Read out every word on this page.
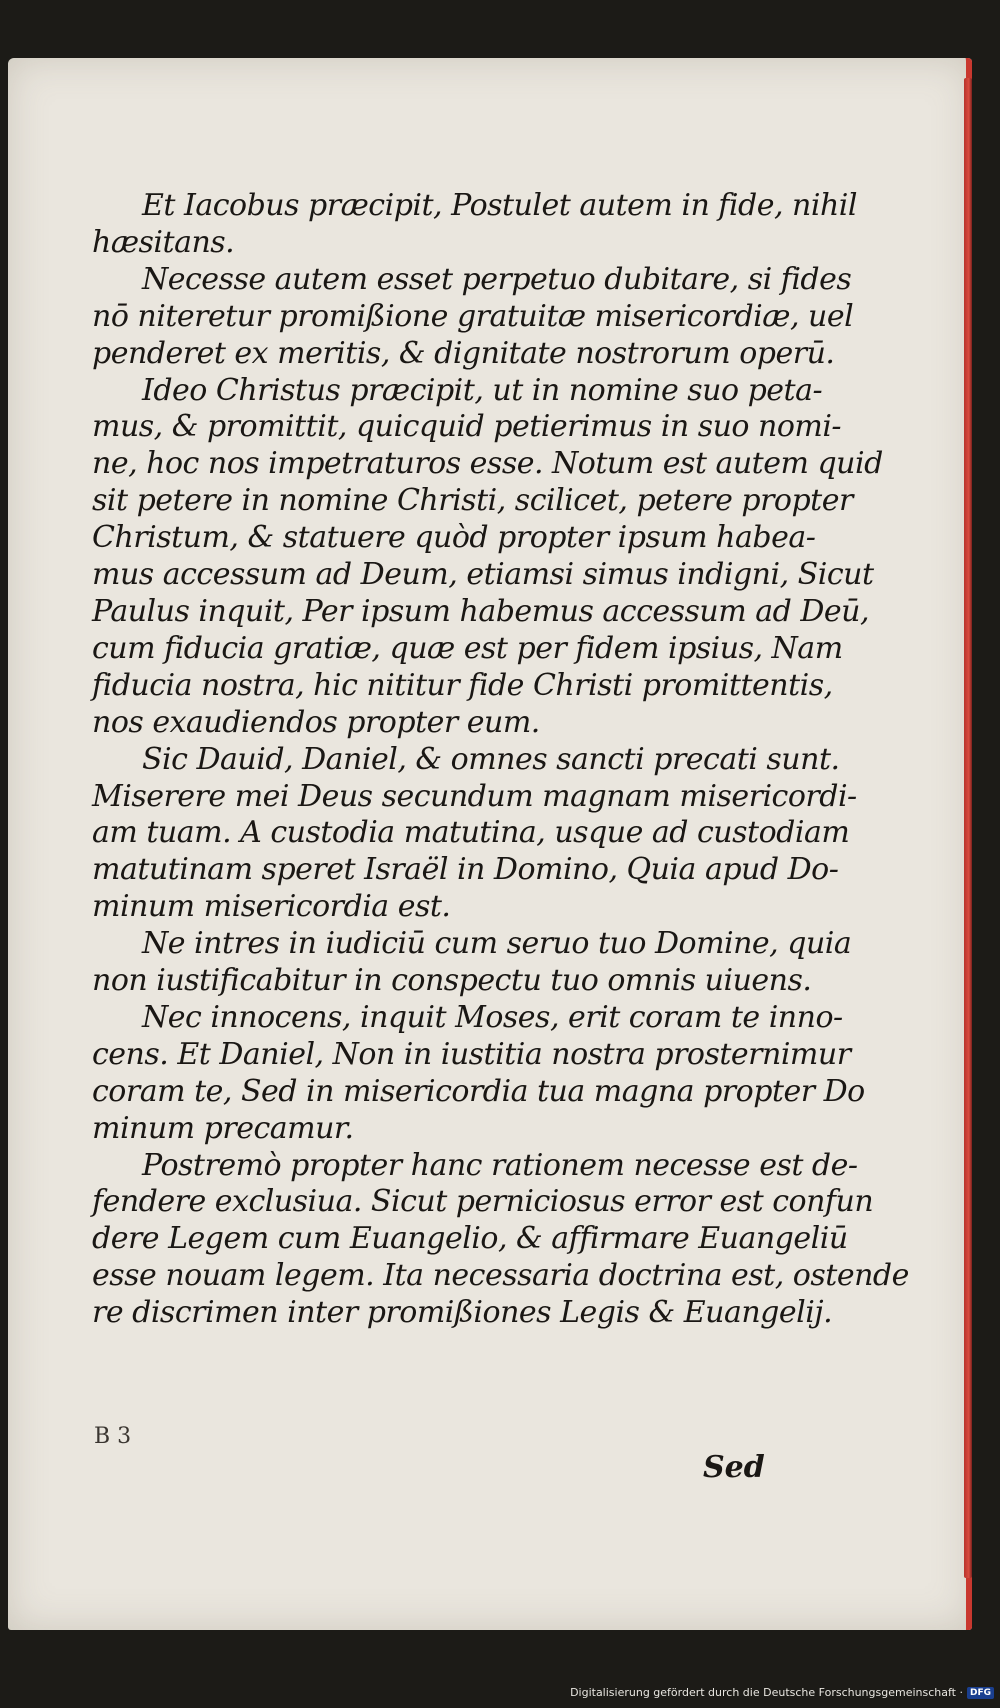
Et Iacobus præcipit, Postulet autem in fide, nihil
hæsitans.
Necesse autem esset perpetuo dubitare, si fides
nō niteretur promißione gratuitæ misericordiæ, uel
penderet ex meritis, & dignitate nostrorum operū.
Ideo Christus præcipit, ut in nomine suo peta-
mus, & promittit, quicquid petierimus in suo nomi-
ne, hoc nos impetraturos esse. Notum est autem quid
sit petere in nomine Christi, scilicet, petere propter
Christum, & statuere quòd propter ipsum habea-
mus accessum ad Deum, etiamsi simus indigni, Sicut
Paulus inquit, Per ipsum habemus accessum ad Deū,
cum fiducia gratiæ, quæ est per fidem ipsius, Nam
fiducia nostra, hic nititur fide Christi promittentis,
nos exaudiendos propter eum.
Sic Dauid, Daniel, & omnes sancti precati sunt.
Miserere mei Deus secundum magnam misericordi-
am tuam. A custodia matutina, usque ad custodiam
matutinam speret Israël in Domino, Quia apud Do-
minum misericordia est.
Ne intres in iudiciū cum seruo tuo Domine, quia
non iustificabitur in conspectu tuo omnis uiuens.
Nec innocens, inquit Moses, erit coram te inno-
cens. Et Daniel, Non in iustitia nostra prosternimur
coram te, Sed in misericordia tua magna propter Do
minum precamur.
Postremò propter hanc rationem necesse est de-
fendere exclusiua. Sicut perniciosus error est confun
dere Legem cum Euangelio, & affirmare Euangeliū
esse nouam legem. Ita necessaria doctrina est, ostende
re discrimen inter promißiones Legis & Euangelij.
B 3
Sed
Digitalisierung gefördert durch die Deutsche Forschungsgemeinschaft · DFG
